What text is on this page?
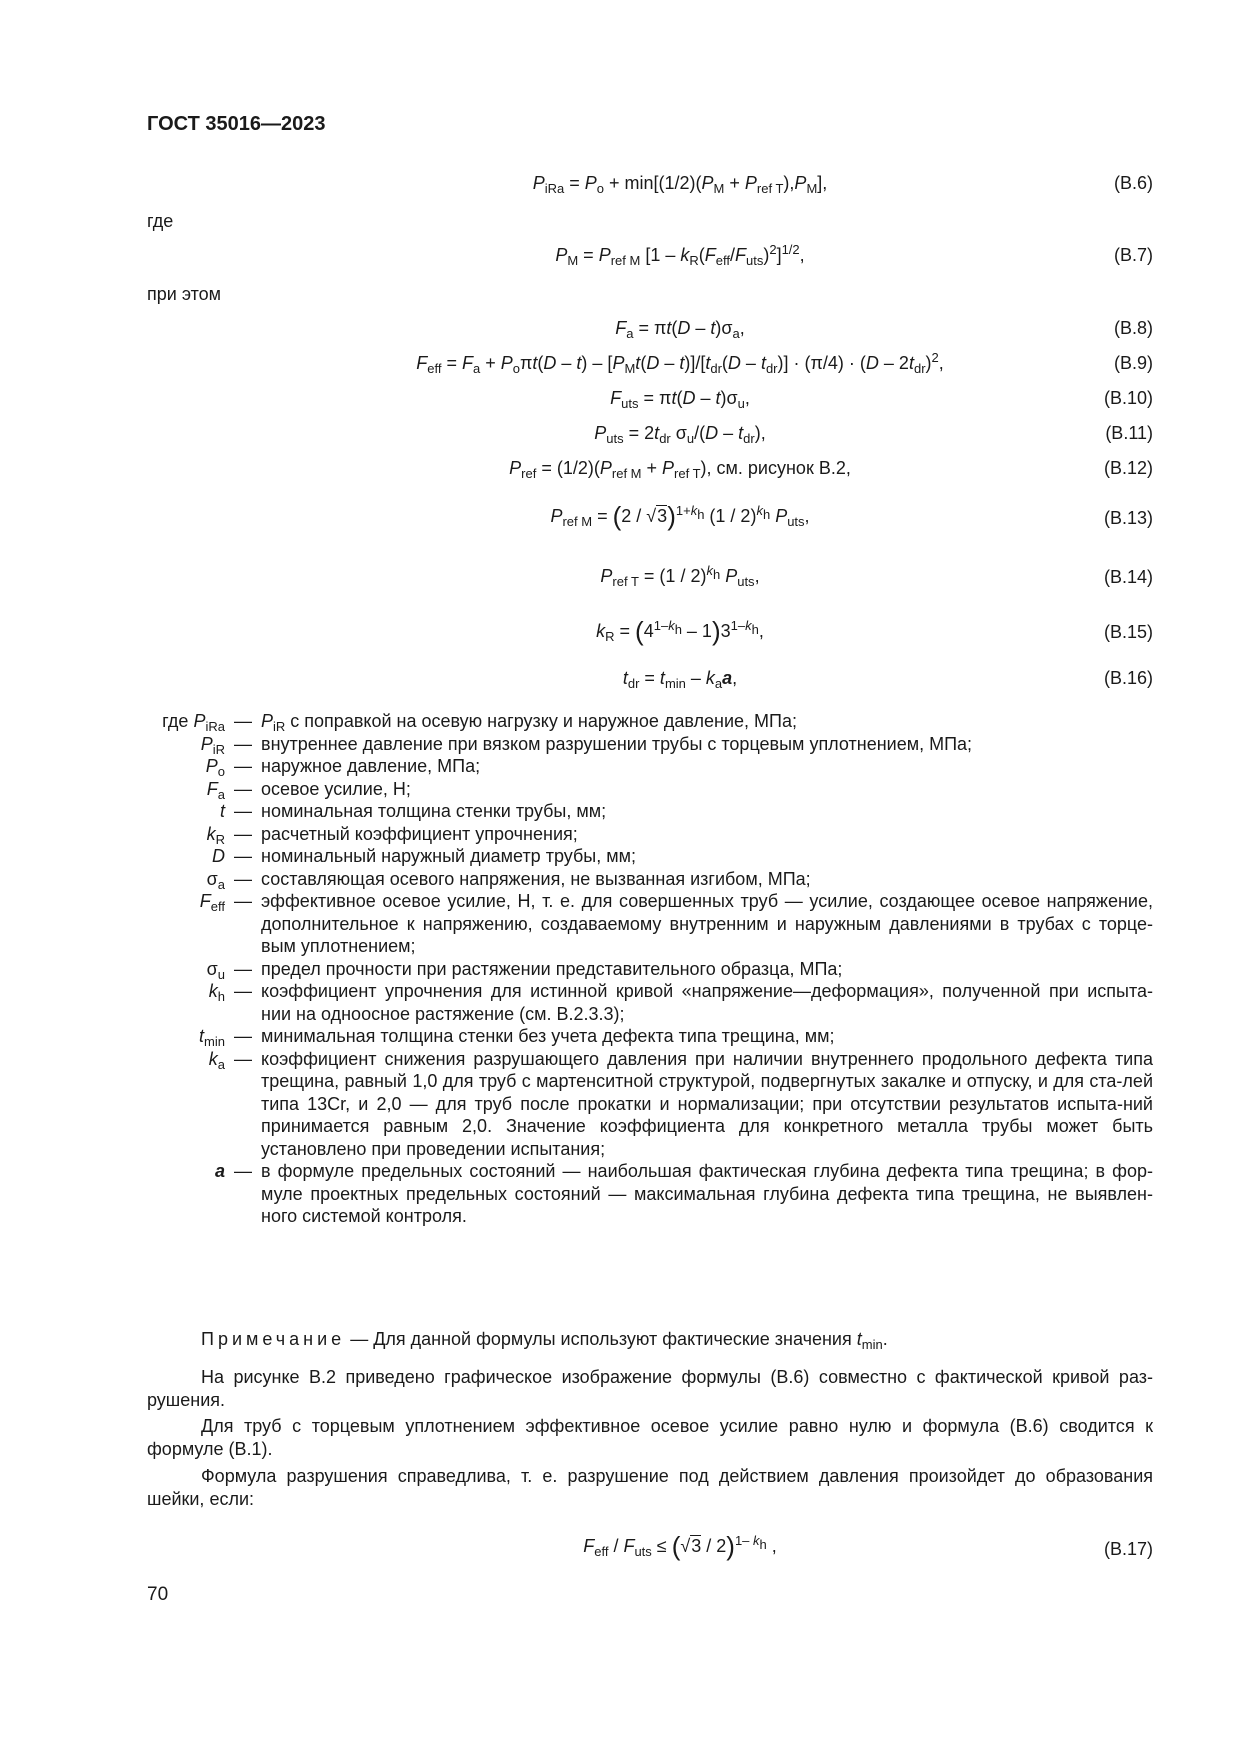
ГОСТ 35016—2023
$P_{iRa} = P_o + \min[(1/2)(P_M + P_{ref T}),P_M]$,	(В.6)
где
$P_M = P_{ref M}$ $[1 - k_R(F_{eff}/F_{uts})^2]^{1/2}$,	(В.7)
при этом
$F_a = \pi t(D - t)\sigma_a$,	(В.8)
$F_{eff} = F_a + P_o\pi t(D - t) - [P_Mt(D - t)]/[t_{dr}(D - t_{dr})] \cdot (\pi/4) \cdot (D - 2t_{dr})^2$,	(В.9)
$F_{uts} = \pi t(D - t)\sigma_u$,	(В.10)
$P_{uts} = 2t_{dr}$ $\sigma_u/(D - t_{dr})$,	(В.11)
$P_{ref} = (1/2)(P_{ref M} + P_{ref T})$, см. рисунок В.2,	(В.12)
$P_{ref M} = (2 / √3)^{1+k_h}$ (1 / 2)$^{k_h}$ $P_{uts}$,	(В.13)
$P_{ref T} = (1 / 2)^{k_h}$ $P_{uts}$,	(В.14)
$k_R = (4^{1-k_h} - 1)3^{1-k_h}$,	(В.15)
$t_{dr} = t_{min} - k_aa$,	(В.16)
где $P_{iRa}$ — $P_{iR}$ с поправкой на осевую нагрузку и наружное давление, МПа;
$P_{iR}$ — внутреннее давление при вязком разрушении трубы с торцевым уплотнением, МПа;
$P_o$ — наружное давление, МПа;
$F_a$ — осевое усилие, Н;
t — номинальная толщина стенки трубы, мм;
$k_R$ — расчетный коэффициент упрочнения;
D — номинальный наружный диаметр трубы, мм;
$\sigma_a$ — составляющая осевого напряжения, не вызванная изгибом, МПа;
$F_{eff}$ — эффективное осевое усилие, Н, т. е. для совершенных труб — усилие, создающее осевое напряжение, дополнительное к напряжению, создаваемому внутренним и наружным давлениями в трубах с торце-вым уплотнением;
$\sigma_u$ — предел прочности при растяжении представительного образца, МПа;
$k_h$ — коэффициент упрочнения для истинной кривой «напряжение—деформация», полученной при испыта-нии на одноосное растяжение (см. В.2.3.3);
$t_{min}$ — минимальная толщина стенки без учета дефекта типа трещина, мм;
$k_a$ — коэффициент снижения разрушающего давления при наличии внутреннего продольного дефекта типа трещина, равный 1,0 для труб с мартенситной структурой, подвергнутых закалке и отпуску, и для ста-лей типа 13Cr, и 2,0 — для труб после прокатки и нормализации; при отсутствии результатов испыта-ний принимается равным 2,0. Значение коэффициента для конкретного металла трубы может быть установлено при проведении испытания;
a — в формуле предельных состояний — наибольшая фактическая глубина дефекта типа трещина; в фор-муле проектных предельных состояний — максимальная глубина дефекта типа трещина, не выявлен-ного системой контроля.
Примечание — Для данной формулы используют фактические значения $t_{min}$.
На рисунке В.2 приведено графическое изображение формулы (В.6) совместно с фактической кривой раз-рушения.
Для труб с торцевым уплотнением эффективное осевое усилие равно нулю и формула (В.6) сводится к формуле (В.1).
Формула разрушения справедлива, т. е. разрушение под действием давления произойдет до образования шейки, если:
$F_{eff} / F_{uts} \le (√3 / 2)^{1- k_h}$ ,	(В.17)
70
